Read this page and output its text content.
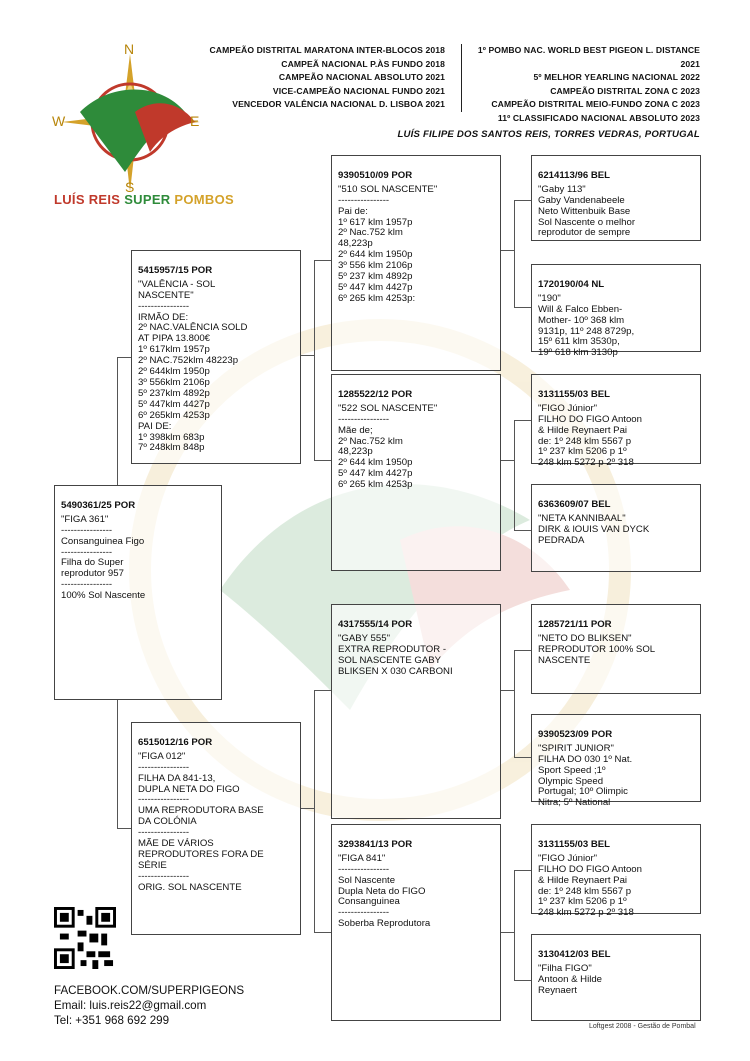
N
S
W	E
LUÍS REIS SUPER POMBOS
CAMPEÃO DISTRITAL MARATONA INTER-BLOCOS 2018
CAMPEÃ NACIONAL P.ÀS FUNDO 2018
CAMPEÃO NACIONAL ABSOLUTO 2021
VICE-CAMPEÃO NACIONAL FUNDO 2021
VENCEDOR VALÊNCIA NACIONAL D. LISBOA 2021
1º POMBO NAC. WORLD BEST PIGEON L. DISTANCE 2021
5º MELHOR YEARLING NACIONAL 2022
CAMPEÃO DISTRITAL ZONA C 2023
CAMPEÃO DISTRITAL MEIO-FUNDO ZONA C 2023
11º CLASSIFICADO NACIONAL ABSOLUTO 2023
LUÍS FILIPE DOS SANTOS REIS, TORRES VEDRAS, PORTUGAL

5490361/25 POR
"FIGA 361"
----------------
Consanguinea Figo
----------------
Filha do Super
reprodutor 957
----------------
100% Sol Nascente

5415957/15 POR
"VALÊNCIA - SOL
NASCENTE"
----------------
IRMÃO DE:
2º NAC.VALÊNCIA SOLD
AT PIPA 13.800€
1º 617klm 1957p
2º NAC.752klm 48223p
2º 644klm 1950p
3º 556klm 2106p
5º 237klm 4892p
5º 447klm 4427p
6º 265klm 4253p
PAI DE:
1º 398klm 683p
7º 248klm 848p

6515012/16 POR
"FIGA 012"
----------------
FILHA DA 841-13,
DUPLA NETA DO FIGO
----------------
UMA REPRODUTORA BASE
DA COLÓNIA
----------------
MÃE DE VÁRIOS
REPRODUTORES FORA DE
SÉRIE
----------------
ORIG. SOL NASCENTE

9390510/09 POR
"510 SOL NASCENTE"
----------------
Pai de:
1º 617 klm 1957p
2º Nac.752 klm
48,223p
2º 644 klm 1950p
3º 556 klm 2106p
5º 237 klm 4892p
5º 447 klm 4427p
6º 265 klm 4253p:

1285522/12 POR
"522 SOL NASCENTE"
----------------
Mãe de;
2º Nac.752 klm
48,223p
2º 644 klm 1950p
5º 447 klm 4427p
6º 265 klm 4253p

4317555/14 POR
"GABY 555"
EXTRA REPRODUTOR -
SOL NASCENTE GABY
BLIKSEN X 030 CARBONI

3293841/13 POR
"FIGA 841"
----------------
Sol Nascente
Dupla Neta do FIGO
Consanguinea
----------------
Soberba Reprodutora

6214113/96 BEL
"Gaby 113"
Gaby Vandenabeele
Neto Wittenbuik Base
Sol Nascente o melhor
reprodutor de sempre

1720190/04 NL
"190"
Will & Falco Ebben-
Mother- 10º 368 klm
9131p, 11º 248 8729p,
15º 611 klm 3530p,
19º 618 klm 3130p

3131155/03 BEL
"FIGO Júnior"
FILHO DO FIGO Antoon
& Hilde Reynaert Pai
de: 1º 248 klm 5567 p
1º 237 klm 5206 p 1º
248 klm 5272 p 2º 318

6363609/07 BEL
"NETA KANNIBAAL"
DIRK & lOUIS VAN DYCK
PEDRADA

1285721/11 POR
"NETO DO BLIKSEN"
REPRODUTOR 100% SOL
NASCENTE

9390523/09 POR
"SPIRIT JUNIOR"
FILHA DO 030 1º Nat.
Sport Speed ;1º
Olympic Speed
Portugal; 10º Olimpic
Nitra; 5º National

3131155/03 BEL
"FIGO Júnior"
FILHO DO FIGO Antoon
& Hilde Reynaert Pai
de: 1º 248 klm 5567 p
1º 237 klm 5206 p 1º
248 klm 5272 p 2º 318

3130412/03 BEL
"Filha FIGO"
Antoon & Hilde
Reynaert

FACEBOOK.COM/SUPERPIGEONS
Email: luis.reis22@gmail.com
Tel: +351 968 692 299	Loftgest 2008 - Gestão de Pombal
